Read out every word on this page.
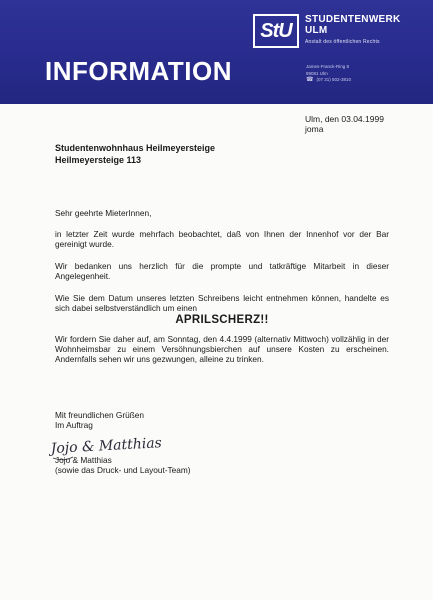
StU STUDENTENWERK
ULM
Anstalt des öffentlichen Rechts
INFORMATION	James-Franck-Ring 8
89081 Ulm
☎ (07 31) 502-3810
Ulm, den 03.04.1999
joma
Studentenwohnhaus Heilmeyersteige
Heilmeyersteige 113

Sehr geehrte MieterInnen,

in letzter Zeit wurde mehrfach beobachtet, daß von Ihnen der Innenhof vor der Bar gereinigt wurde.

Wir bedanken uns herzlich für die prompte und tatkräftige Mitarbeit in dieser Angelegenheit.

Wie Sie dem Datum unseres letzten Schreibens leicht entnehmen können, handelte es sich dabei selbstverständlich um einen

APRILSCHERZ!!

Wir fordern Sie daher auf, am Sonntag, den 4.4.1999 (alternativ Mittwoch) vollzählig in der Wohnheimsbar zu einem Versöhnungsbierchen auf unsere Kosten zu erscheinen. Andernfalls sehen wir uns gezwungen, alleine zu trinken.

Mit freundlichen Grüßen
Im Auftrag
Jojo & Matthias
Jojo & Matthias
(sowie das Druck- und Layout-Team)
